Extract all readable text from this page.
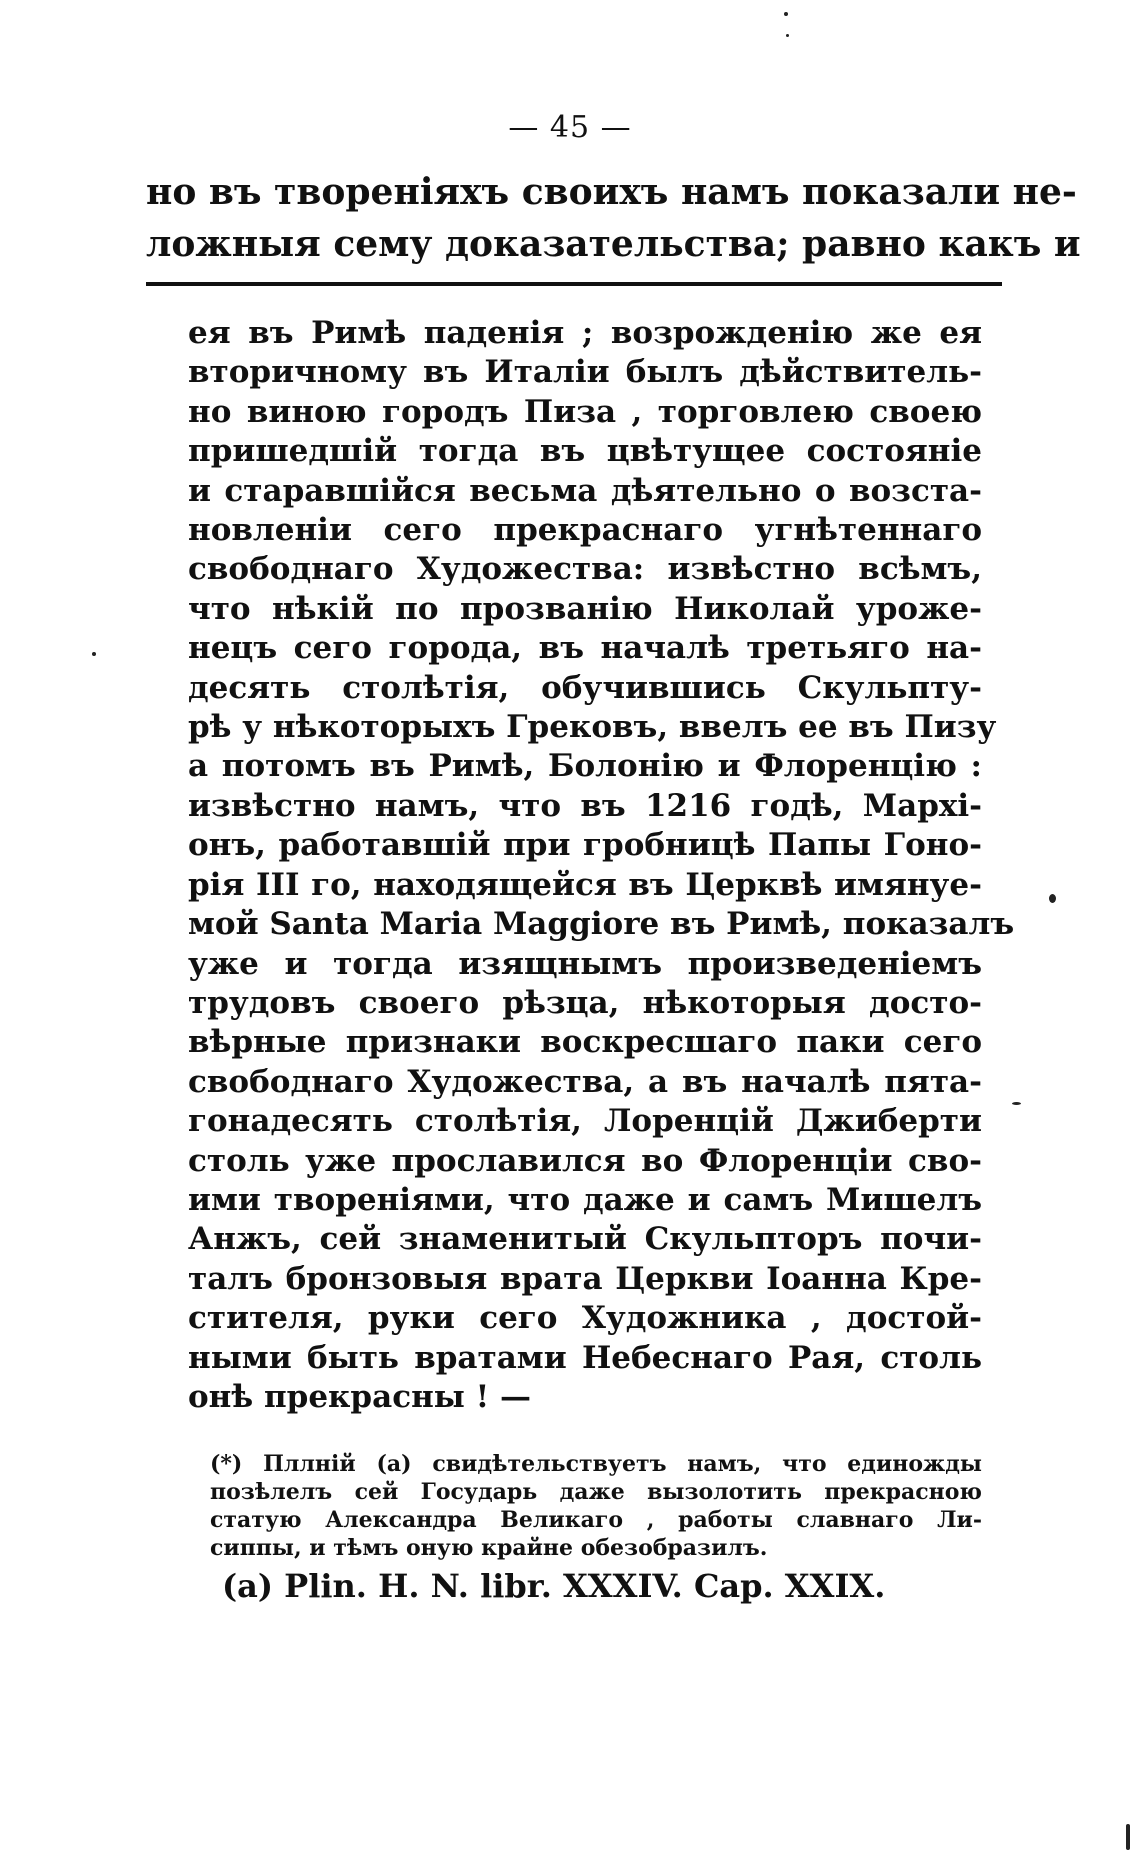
— 45 —
но въ твореніяхъ своихъ намъ показали не-
ложныя сему доказательства; равно какъ и
ея въ Римѣ паденія ; возрожденію же ея
вторичному въ Италіи былъ дѣйствитель-
но виною городъ Пиза , торговлею своею
пришедшій тогда въ цвѣтущее состояніе
и старавшійся весьма дѣятельно о возста-
новленіи сего прекраснаго угнѣтеннаго
свободнаго Художества: извѣстно всѣмъ,
что нѣкій по прозванію Николай уроже-
нецъ сего города, въ началѣ третьяго на-
десять столѣтія, обучившись Скульпту-
рѣ у нѣкоторыхъ Грековъ, ввелъ ее въ Пизу
а потомъ въ Римѣ, Болонію и Флоренцію :
извѣстно намъ, что въ 1216 годѣ, Мархі-
онъ, работавшій при гробницѣ Папы Гоно-
рія III го, находящейся въ Церквѣ имянуе-
мой Santa Maria Maggiore въ Римѣ, показалъ
уже и тогда изящнымъ произведеніемъ
трудовъ своего рѣзца, нѣкоторыя досто-
вѣрные признаки воскресшаго паки сего
свободнаго Художества, а въ началѣ пята-
гонадесять столѣтія, Лоренцій Джиберти
столь уже прославился во Флоренціи сво-
ими твореніями, что даже и самъ Мишелъ
Анжъ, сей знаменитый Скульпторъ почи-
талъ бронзовыя врата Церкви Іоанна Кре-
стителя, руки сего Художника , достой-
ными быть вратами Небеснаго Рая, столь
онѣ прекрасны ! —
(*) Пллній (a) свидѣтельствуетъ намъ, что единожды
позѣлелъ сей Государь даже вызолотить прекрасною
статую Александра Великаго , работы славнаго Ли-
сиппы, и тѣмъ оную крайне обезобразилъ.
(a) Plin. H. N. libr. XXXIV. Cap. XXIX.
